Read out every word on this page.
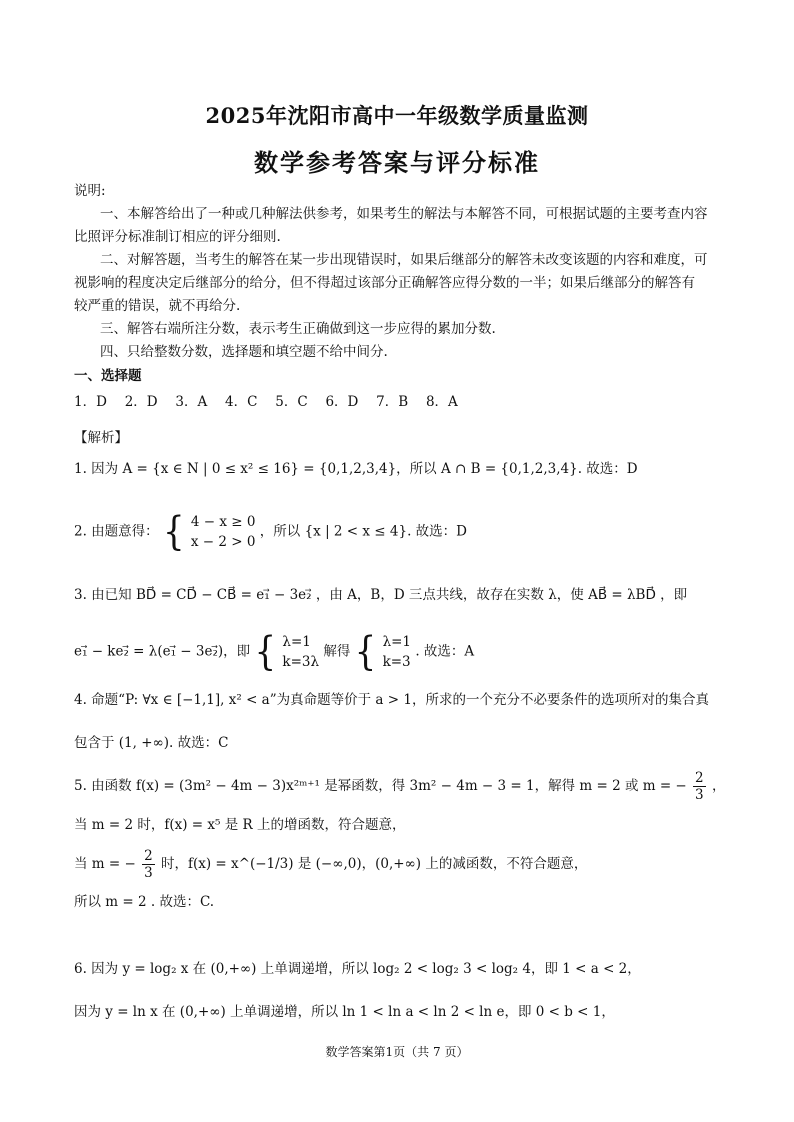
2025年沈阳市高中一年级数学质量监测
数学参考答案与评分标准
说明:
一、本解答给出了一种或几种解法供参考，如果考生的解法与本解答不同，可根据试题的主要考查内容
比照评分标准制订相应的评分细则.
二、对解答题，当考生的解答在某一步出现错误时，如果后继部分的解答未改变该题的内容和难度，可
视影响的程度决定后继部分的给分，但不得超过该部分正确解答应得分数的一半；如果后继部分的解答有
较严重的错误，就不再给分.
三、解答右端所注分数，表示考生正确做到这一步应得的累加分数.
四、只给整数分数，选择题和填空题不给中间分.
一、选择题
1．D　 2．D　 3．A　 4．C　 5．C　 6．D　 7．B　 8．A
【解析】
1. 因为 A = {x ∈ N | 0 ≤ x² ≤ 16} = {0,1,2,3,4}，所以 A ∩ B = {0,1,2,3,4}. 故选：D
2. 由题意得： { 4 − x ≥ 0
x − 2 > 0
，所以 {x | 2 < x ≤ 4}. 故选：D
3. 由已知 BD⃗ = CD⃗ − CB⃗ = e₁⃗ − 3e₂⃗ ，由 A，B，D 三点共线，故存在实数 λ，使 AB⃗ = λBD⃗ ，即
e₁⃗ − ke₂⃗ = λ(e₁⃗ − 3e₂⃗)，即 { λ=1
k=3λ
解得 { λ=1
k=3
. 故选：A
4. 命题“P: ∀x ∈ [−1,1], x² < a”为真命题等价于 a > 1，所求的一个充分不必要条件的选项所对的集合真
包含于 (1, +∞). 故选：C
5. 由函数 f(x) = (3m² − 4m − 3)x²ᵐ⁺¹ 是幂函数，得 3m² − 4m − 3 = 1，解得 m = 2 或 m = − $\frac{2}{3}$ ，
当 m = 2 时，f(x) = x⁵ 是 R 上的增函数，符合题意，
当 m = − $\frac{2}{3}$ 时，f(x) = x^(−1/3) 是 (−∞,0)，(0,+∞) 上的减函数，不符合题意，
所以 m = 2 . 故选：C.
6. 因为 y = log₂ x 在 (0,+∞) 上单调递增，所以 log₂ 2 < log₂ 3 < log₂ 4，即 1 < a < 2，
因为 y = ln x 在 (0,+∞) 上单调递增，所以 ln 1 < ln a < ln 2 < ln e，即 0 < b < 1，
数学答案第1页（共 7 页）
